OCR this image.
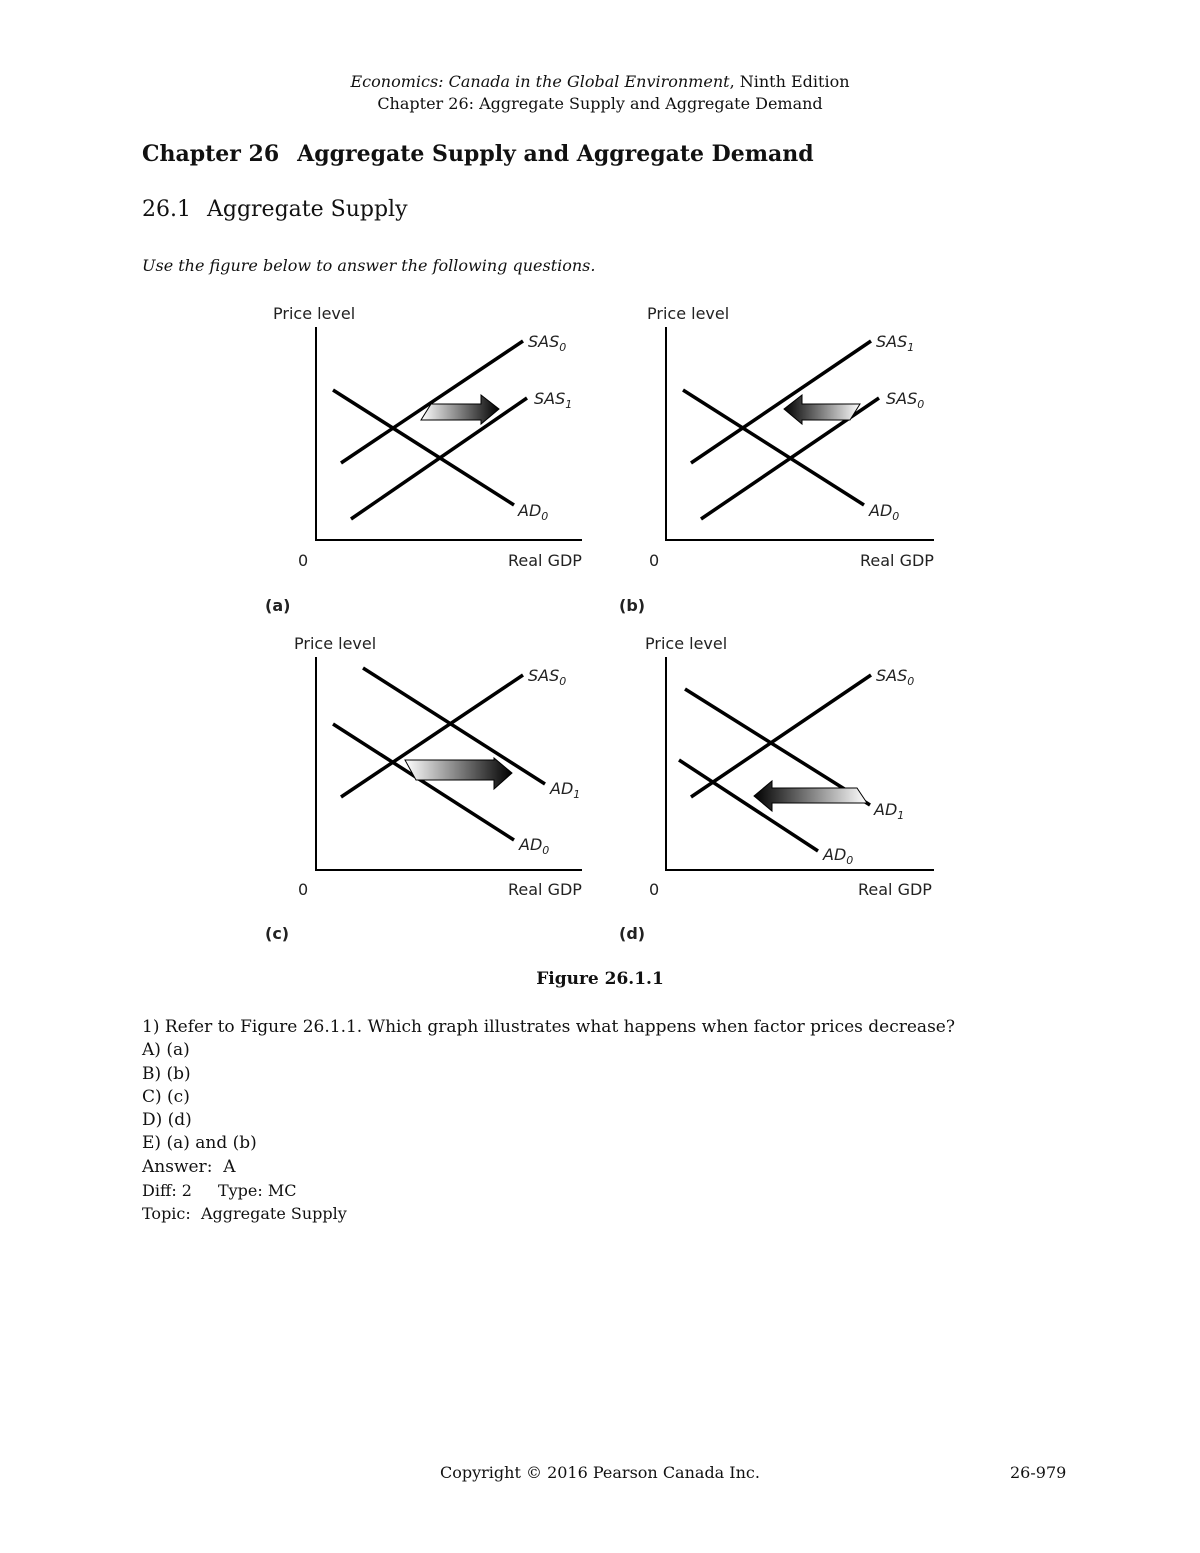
Economics: Canada in the Global Environment, Ninth Edition
Chapter 26: Aggregate Supply and Aggregate Demand
Chapter 26 Aggregate Supply and Aggregate Demand
26.1 Aggregate Supply
Use the figure below to answer the following questions.
Price level
0	Real GDP
(a)
$SAS_0$
$SAS_1$
$AD_0$
Price level
0	Real GDP
(b)
$SAS_1$
$SAS_0$
$AD_0$
Price level
0	Real GDP
(c)
$SAS_0$
$AD_1$
$AD_0$
Price level
0	Real GDP
(d)
$SAS_0$
$AD_1$
$AD_0$
Figure 26.1.1
1) Refer to Figure 26.1.1. Which graph illustrates what happens when factor prices decrease?
A) (a)
B) (b)
C) (c)
D) (d)
E) (a) and (b)
Answer:  A
Diff: 2 Type: MC
Topic:  Aggregate Supply
Copyright © 2016 Pearson Canada Inc.	26-979
